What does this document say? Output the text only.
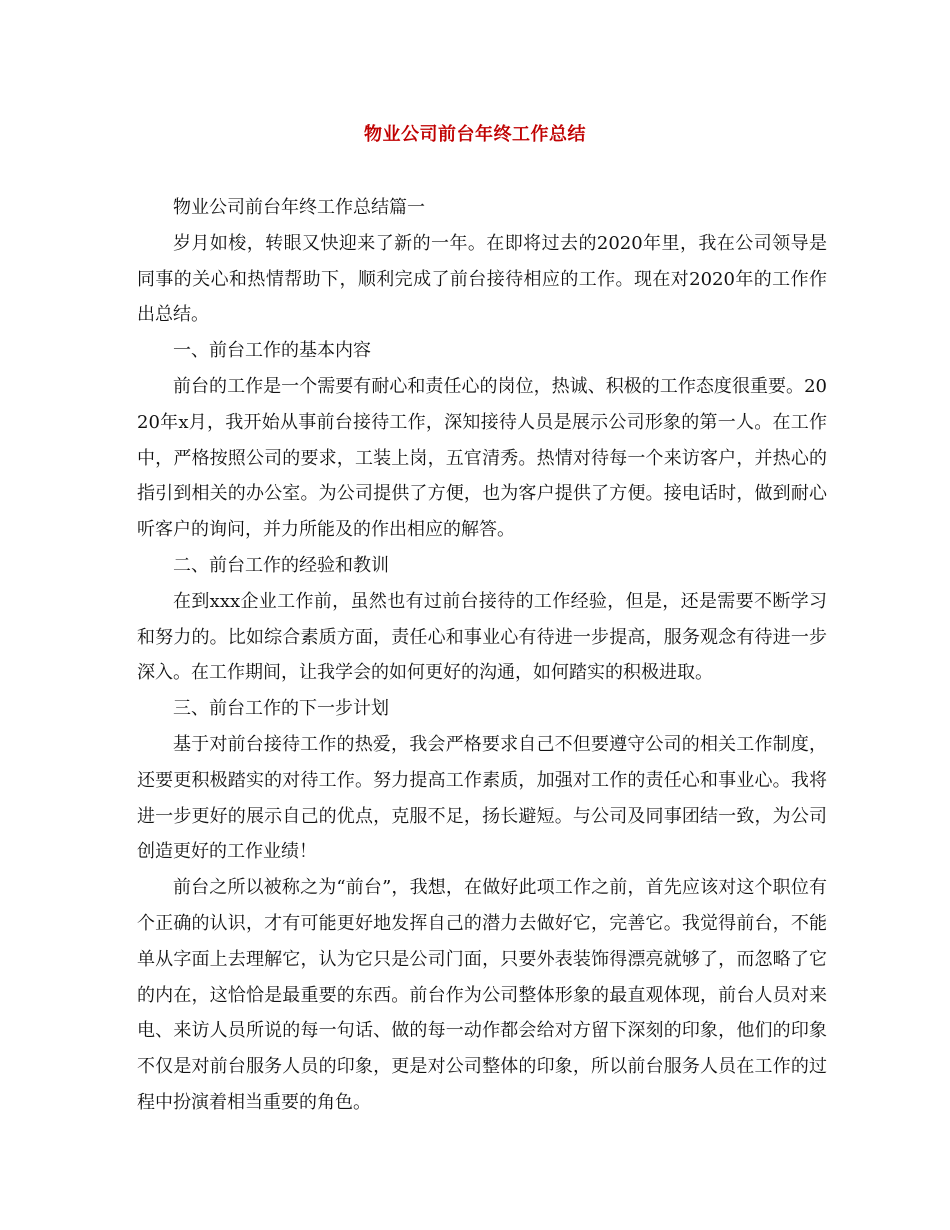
物业公司前台年终工作总结

物业公司前台年终工作总结篇一

岁月如梭，转眼又快迎来了新的一年。在即将过去的2020年里，我在公司领导是同事的关心和热情帮助下，顺利完成了前台接待相应的工作。现在对2020年的工作作出总结。

一、前台工作的基本内容

前台的工作是一个需要有耐心和责任心的岗位，热诚、积极的工作态度很重要。2020年x月，我开始从事前台接待工作，深知接待人员是展示公司形象的第一人。在工作中，严格按照公司的要求，工装上岗，五官清秀。热情对待每一个来访客户，并热心的指引到相关的办公室。为公司提供了方便，也为客户提供了方便。接电话时，做到耐心听客户的询问，并力所能及的作出相应的解答。

二、前台工作的经验和教训

在到xxx企业工作前，虽然也有过前台接待的工作经验，但是，还是需要不断学习和努力的。比如综合素质方面，责任心和事业心有待进一步提高，服务观念有待进一步深入。在工作期间，让我学会的如何更好的沟通，如何踏实的积极进取。

三、前台工作的下一步计划

基于对前台接待工作的热爱，我会严格要求自己不但要遵守公司的相关工作制度，还要更积极踏实的对待工作。努力提高工作素质，加强对工作的责任心和事业心。我将进一步更好的展示自己的优点，克服不足，扬长避短。与公司及同事团结一致，为公司创造更好的工作业绩！

前台之所以被称之为“前台”，我想，在做好此项工作之前，首先应该对这个职位有个正确的认识，才有可能更好地发挥自己的潜力去做好它，完善它。我觉得前台，不能单从字面上去理解它，认为它只是公司门面，只要外表装饰得漂亮就够了，而忽略了它的内在，这恰恰是最重要的东西。前台作为公司整体形象的最直观体现，前台人员对来电、来访人员所说的每一句话、做的每一动作都会给对方留下深刻的印象，他们的印象不仅是对前台服务人员的印象，更是对公司整体的印象，所以前台服务人员在工作的过程中扮演着相当重要的角色。
